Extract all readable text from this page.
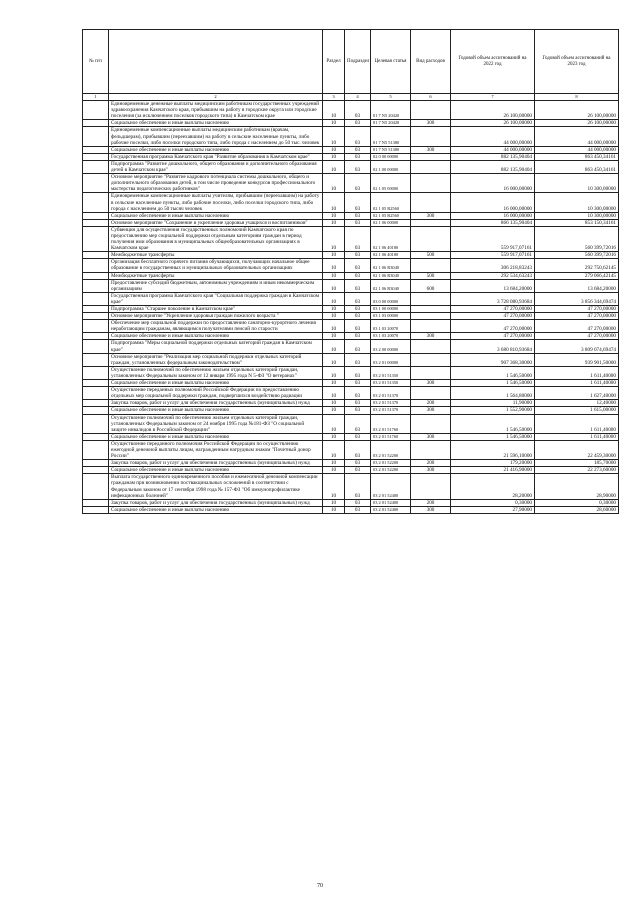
№ п/п		Раздел	Подраздел	Целевая статья	Вид расходов	Годовой объем ассигнований на 2022 год	Годовой объем ассигнований на 2023 год
1	2	3	4	5	6	7	8
	Единовременные денежные выплаты медицинским работникам государственных учреждений здравоохранения Камчатского края, прибывшим на работу в городские округа или городские поселения (за исключением поселков городского типа) в Камчатском крае	10	03	01 7 N5 20420		26 100,00000	26 100,00000
	Социальное обеспечение и иные выплаты населению	10	03	01 7 N5 20420	300	26 100,00000	26 100,00000
	Единовременные компенсационные выплаты медицинским работникам (врачам, фельдшерам), прибывшим (переехавшим) на работу в сельские населенные пункты, либо рабочие поселки, либо поселки городского типа, либо города с населением до 50 тыс. человек	10	03	01 7 N5 51380		44 000,00000	44 000,00000
	Социальное обеспечение и иные выплаты населению	10	03	01 7 N5 51380	300	44 000,00000	44 000,00000
	Государственная программа Камчатского края "Развитие образования в Камчатском крае"	10	03	02 0 00 00000		882 135,90404	863 450,34161
	Подпрограмма "Развитие дошкольного, общего образования и дополнительного образования детей в Камчатском крае"	10	03	02 1 00 00000		882 135,90404	863 450,34161
	Основное мероприятие "Развитие кадрового потенциала системы дошкольного, общего и дополнительного образования детей, в том числе проведение конкурсов профессионального мастерства педагогических работников"	10	03	02 1 05 00000		16 000,00000	10 300,00000
	Единовременные компенсационные выплаты учителям, прибывшим (переехавшим) на работу в сельские населенные пункты, либо рабочие поселки, либо поселки городского типа, либо города с населением до 50 тысяч человек	10	03	02 1 05 R2560		16 000,00000	10 300,00000
	Социальное обеспечение и иные выплаты населению	10	03	02 1 05 R2560	300	16 000,00000	10 300,00000
	Основное мероприятие "Сохранение и укрепление здоровья учащихся и воспитанников"	10	03	02 1 06 00000		866 135,90404	853 150,34161
	Субвенции для осуществления государственных полномочий Камчатского края по предоставлению мер социальной поддержки отдельным категориям граждан в период получения ими образования в муниципальных общеобразовательных организациях в Камчатском крае	10	03	02 1 06 40180		559 917,07161	560 399,72016
	Межбюджетные трансферты	10	03	02 1 06 40180	500	559 917,07161	560 399,72016
	Организация бесплатного горячего питания обучающихся, получающих начальное общее образование в государственных и муниципальных образовательных организациях	10	03	02 1 06 R3040		306 218,83243	292 750,62145
	Межбюджетные трансферты	10	03	02 1 06 R3040	500	292 534,63243	279 066,42145
	Предоставление субсидий бюджетным, автономным учреждениям и иным некоммерческим организациям	10	03	02 1 06 R3040	600	13 684,20000	13 684,20000
	Государственная программа Камчатского края "Социальная поддержка граждан в Камчатском крае"	10	03	03 0 00 00000		3 728 080,93684	3 856 344,69474
	Подпрограмма "Старшее поколение в Камчатском крае"	10	03	03 1 00 00000		47 270,00000	47 270,00000
	Основное мероприятие "Укрепление здоровья граждан пожилого возраста "	10	03	03 1 03 00000		47 270,00000	47 270,00000
	Обеспечение мер социальной поддержки по предоставлению санаторно-курортного лечения неработающим гражданам, являющимся получателями пенсий по старости	10	03	03 1 03 20070		47 270,00000	47 270,00000
	Социальное обеспечение и иные выплаты населению	10	03	03 1 03 20070	300	47 270,00000	47 270,00000
	Подпрограмма "Меры социальной поддержки отдельных категорий граждан в Камчатском крае"	10	03	03 2 00 00000		3 680 810,93684	3 809 074,69474
	Основное мероприятие "Реализация мер социальной поддержки отдельных категорий граждан, установленных федеральным законодательством"	10	03	03 2 01 00000		907 368,30000	939 901,50000
	Осуществление полномочий по обеспечению жильем отдельных категорий граждан, установленных Федеральным законом от 12 января 1995 года N 5-ФЗ "О ветеранах"	10	03	03 2 01 51350		1 546,50000	1 611,40000
	Социальное обеспечение и иные выплаты населению	10	03	03 2 01 51350	300	1 546,50000	1 611,40000
	Осуществление переданных полномочий Российской Федерации по предоставлению отдельных мер социальной поддержки граждан, подвергшихся воздействию радиации	10	03	03 2 01 51370		1 564,80000	1 627,40000
	Закупка товаров, работ и услуг для обеспечения государственных (муниципальных) нужд	10	03	03 2 01 51370	200	11,90000	12,40000
	Социальное обеспечение и иные выплаты населению	10	03	03 2 01 51370	300	1 552,90000	1 615,00000
	Осуществление полномочий по обеспечению жильем отдельных категорий граждан, установленных Федеральным законом от 24 ноября 1995 года №181-ФЗ "О социальной защите инвалидов в Российской Федерации"	10	03	03 2 01 51760		1 546,50000	1 611,40000
	Социальное обеспечение и иные выплаты населению	10	03	03 2 01 51760	300	1 546,50000	1 611,40000
	Осуществление переданного полномочия Российской Федерации по осуществлению ежегодной денежной выплаты лицам, награжденным нагрудным знаком "Почетный донор России"	10	03	03 2 01 52200		21 596,10000	22 459,30000
	Закупка товаров, работ и услуг для обеспечения государственных (муниципальных) нужд	10	03	03 2 01 52200	200	179,20000	185,70000
	Социальное обеспечение и иные выплаты населению	10	03	03 2 01 52200	300	21 416,90000	22 273,60000
	Выплата государственного единовременного пособия и ежемесячной денежной компенсации гражданам при возникновении поствакцинальных осложнений в соответствии с Федеральным законом от 17 сентября 1998 года № 157-ФЗ "Об иммунопрофилактике инфекционных болезней"	10	03	03 2 01 52400		28,20000	28,90000
	Закупка товаров, работ и услуг для обеспечения государственных (муниципальных) нужд	10	03	03 2 01 52400	200	0,30000	0,30000
	Социальное обеспечение и иные выплаты населению	10	03	03 2 01 52400	300	27,90000	28,60000
70
